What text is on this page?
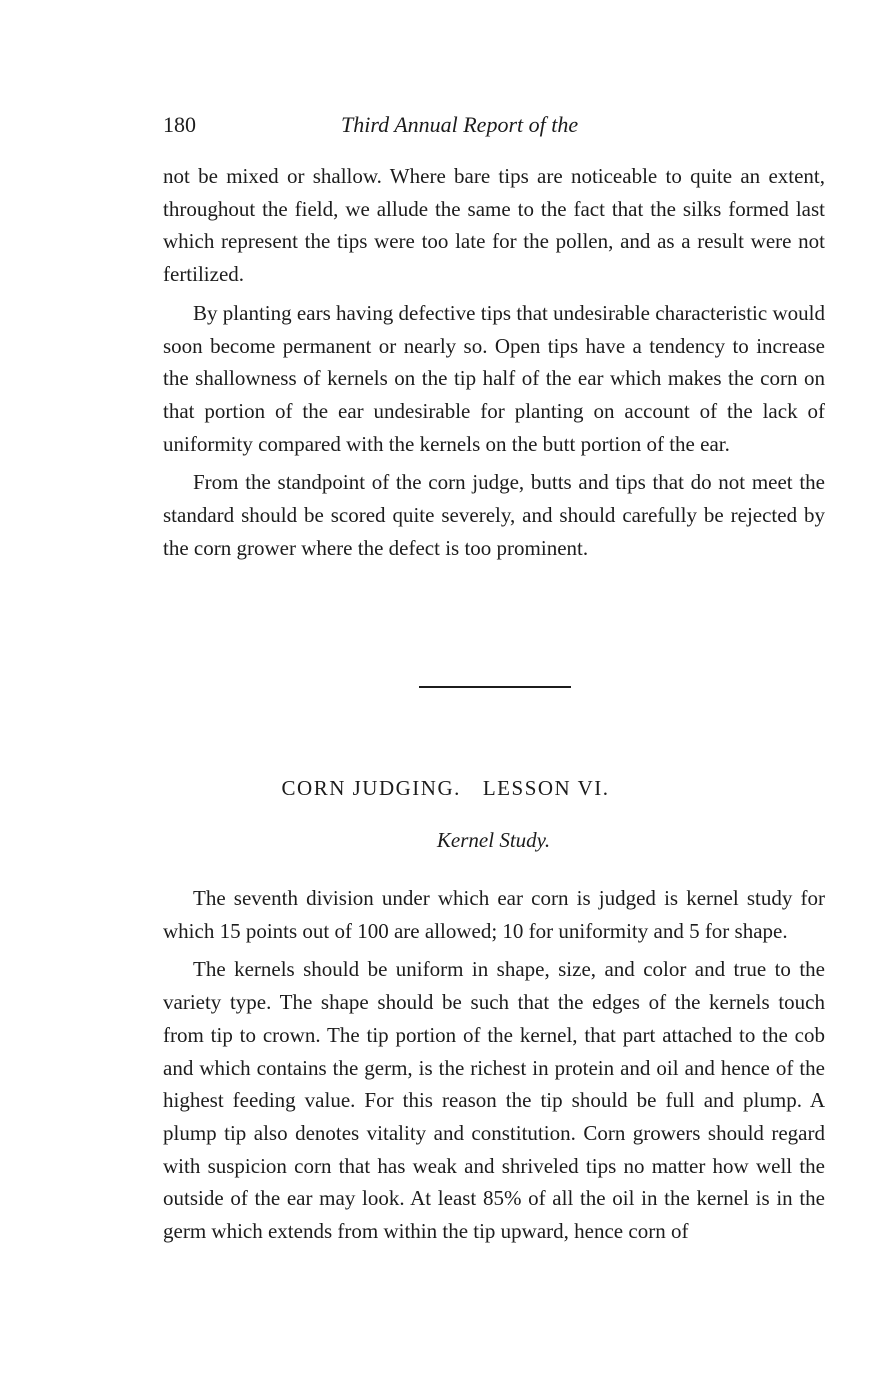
180	Third Annual Report of the

not be mixed or shallow. Where bare tips are noticeable to quite an extent, throughout the field, we allude the same to the fact that the silks formed last which represent the tips were too late for the pollen, and as a result were not fertilized.

By planting ears having defective tips that undesirable characteristic would soon become permanent or nearly so. Open tips have a tendency to increase the shallowness of kernels on the tip half of the ear which makes the corn on that portion of the ear undesirable for planting on account of the lack of uniformity compared with the kernels on the butt portion of the ear.

From the standpoint of the corn judge, butts and tips that do not meet the standard should be scored quite severely, and should carefully be rejected by the corn grower where the defect is too prominent.

CORN JUDGING. LESSON VI.
Kernel Study.

The seventh division under which ear corn is judged is kernel study for which 15 points out of 100 are allowed; 10 for uniformity and 5 for shape.

The kernels should be uniform in shape, size, and color and true to the variety type. The shape should be such that the edges of the kernels touch from tip to crown. The tip portion of the kernel, that part attached to the cob and which contains the germ, is the richest in protein and oil and hence of the highest feeding value. For this reason the tip should be full and plump. A plump tip also denotes vitality and constitution. Corn growers should regard with suspicion corn that has weak and shriveled tips no matter how well the outside of the ear may look. At least 85% of all the oil in the kernel is in the germ which extends from within the tip upward, hence corn of
